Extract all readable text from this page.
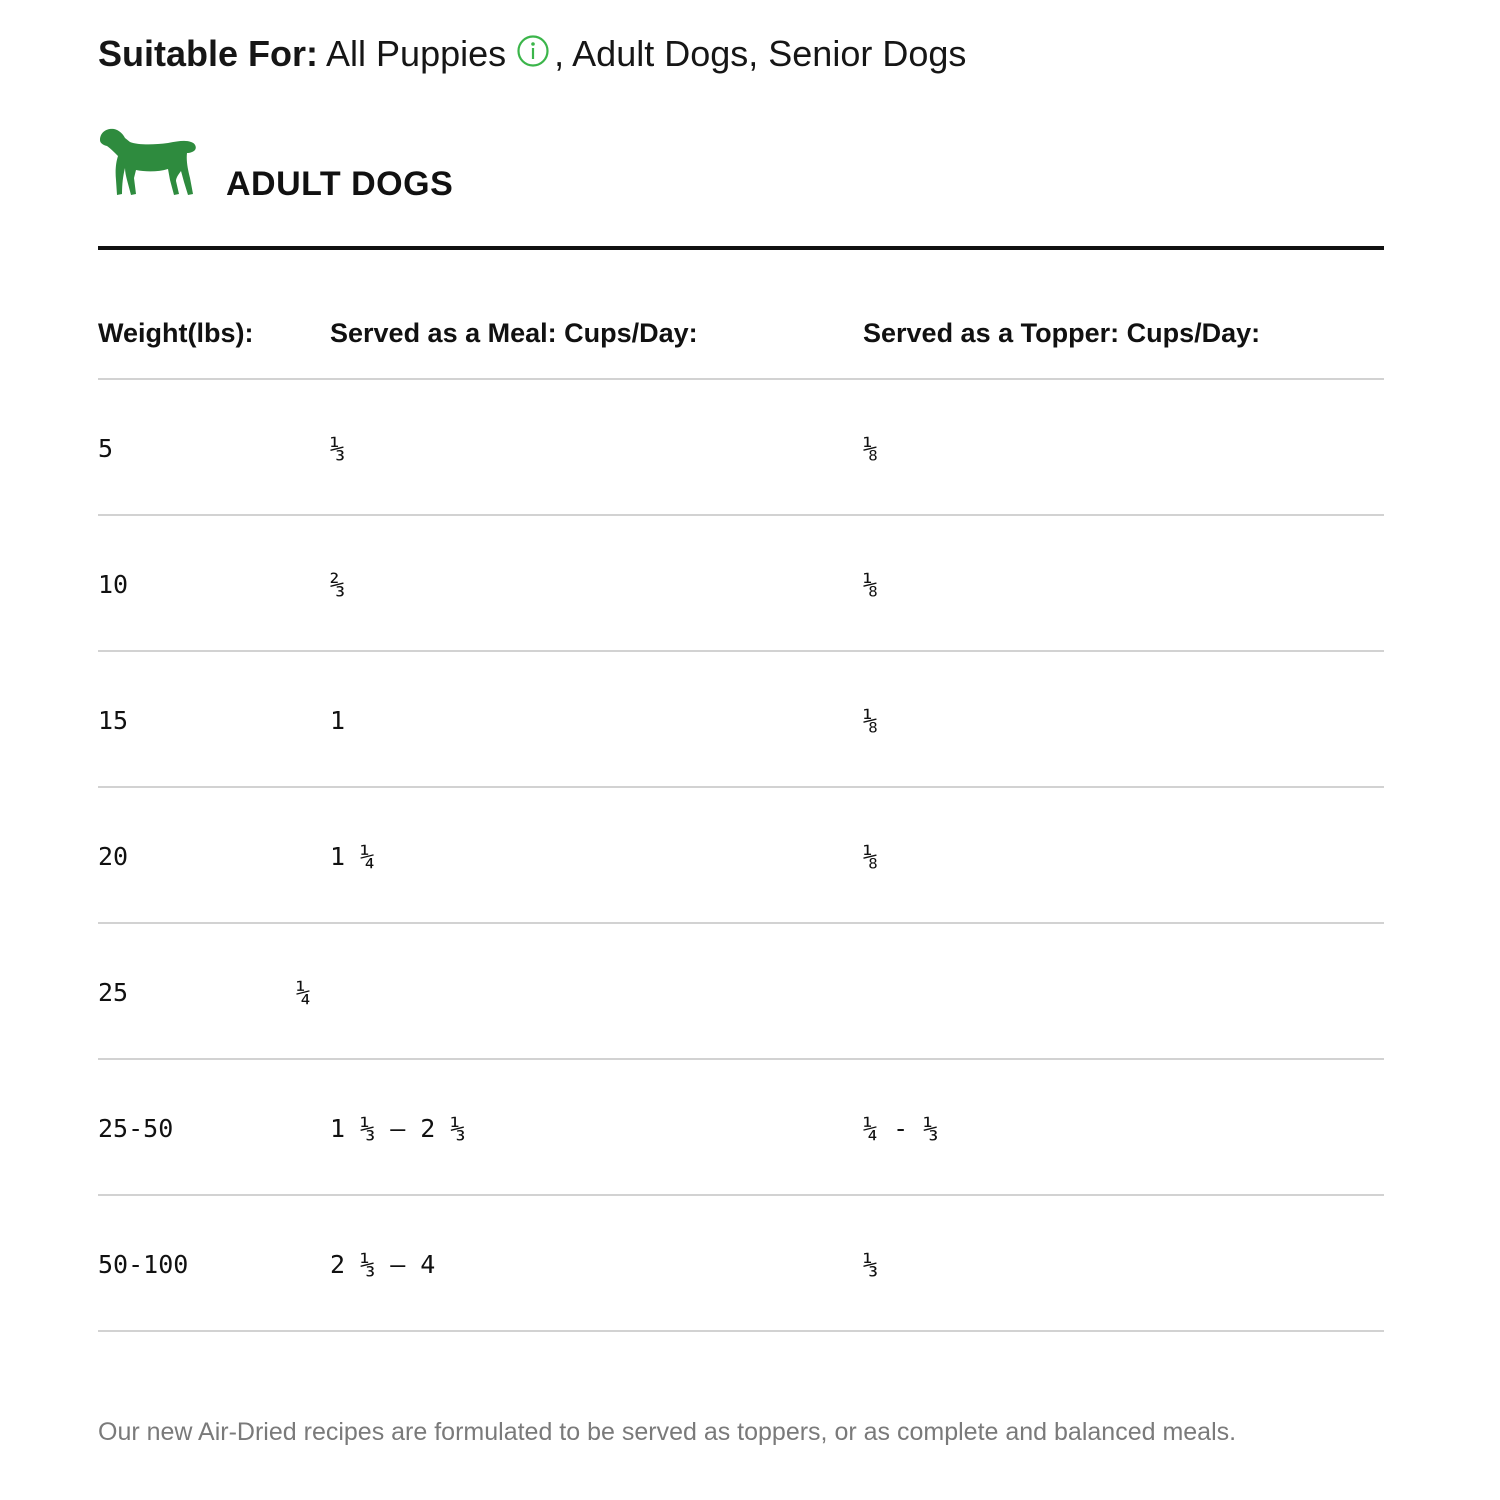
Suitable For: All Puppies , Adult Dogs, Senior Dogs
ADULT DOGS
Weight(lbs):	Served as a Meal: Cups/Day:	Served as a Topper: Cups/Day:
5	⅓	⅛
10	⅔	⅛
15	1	⅛
20	1 ¼	⅛
25	¼
25-50	1 ⅓ – 2 ⅓	¼ - ⅓
50-100	2 ⅓ – 4	⅓
Our new Air-Dried recipes are formulated to be served as toppers, or as complete and balanced meals.
